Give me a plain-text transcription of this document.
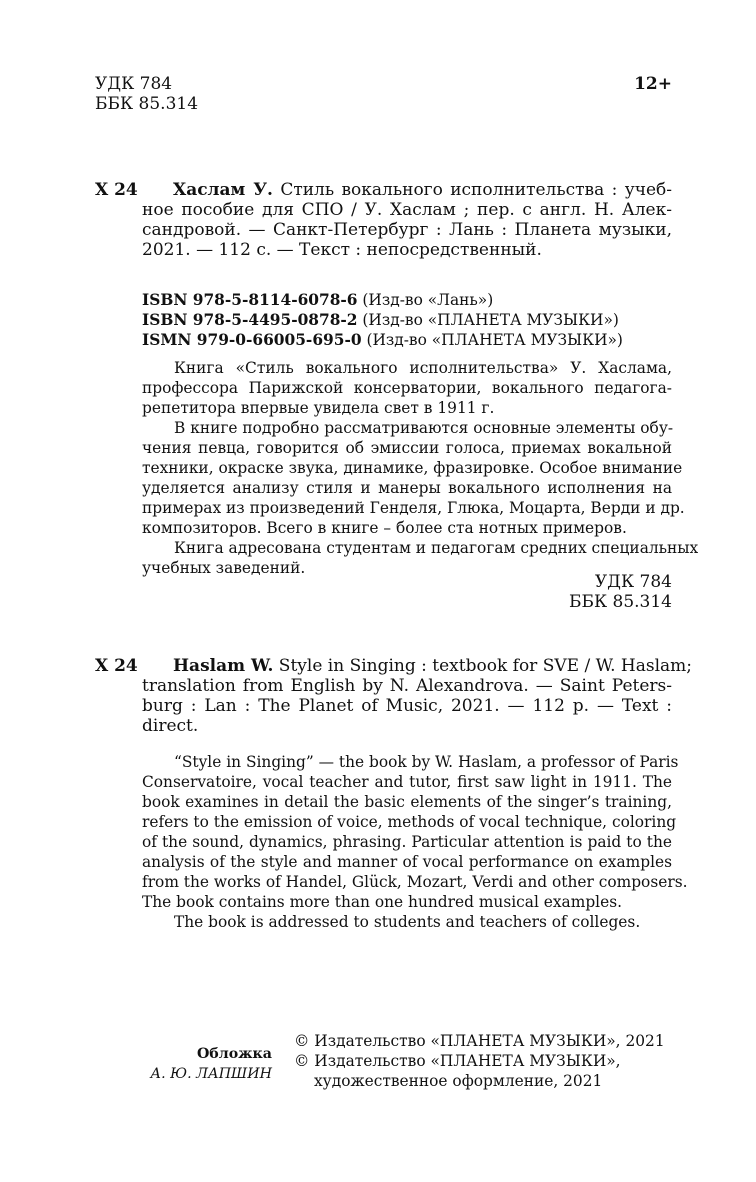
УДК 784
ББК 85.314
12+
Х 24 Хаслам У. Стиль вокального исполнительства : учеб-
ное пособие для СПО / У. Хаслам ; пер. с англ. Н. Алек-
сандровой. — Санкт-Петербург : Лань : Планета музыки,
2021. — 112 с. — Текст : непосредственный.
ISBN 978-5-8114-6078-6 (Изд-во «Лань»)
ISBN 978-5-4495-0878-2 (Изд-во «ПЛАНЕТА МУЗЫКИ»)
ISMN 979-0-66005-695-0 (Изд-во «ПЛАНЕТА МУЗЫКИ»)
Книга «Стиль вокального исполнительства» У. Хаслама,
профессора Парижской консерватории, вокального педагога-
репетитора впервые увидела свет в 1911 г.
В книге подробно рассматриваются основные элементы обу-
чения певца, говорится об эмиссии голоса, приемах вокальной
техники, окраске звука, динамике, фразировке. Особое внимание
уделяется анализу стиля и манеры вокального исполнения на
примерах из произведений Генделя, Глюка, Моцарта, Верди и др.
композиторов. Всего в книге – более ста нотных примеров.
Книга адресована студентам и педагогам средних специальных
учебных заведений.
УДК 784
ББК 85.314
Х 24 Haslam W. Style in Singing : textbook for SVE / W. Haslam;
translation from English by N. Alexandrova. — Saint Peters-
burg : Lan : The Planet of Music, 2021. — 112 p. — Text :
direct.
“Style in Singing” — the book by W. Haslam, a professor of Paris
Conservatoire, vocal teacher and tutor, first saw light in 1911. The
book examines in detail the basic elements of the singer’s training,
refers to the emission of voice, methods of vocal technique, coloring
of the sound, dynamics, phrasing. Particular attention is paid to the
analysis of the style and manner of vocal performance on examples
from the works of Handel, Glück, Mozart, Verdi and other composers.
The book contains more than one hundred musical examples.
The book is addressed to students and teachers of colleges.
Обложка
А. Ю. ЛАПШИН
© Издательство «ПЛАНЕТА МУЗЫКИ», 2021
© Издательство «ПЛАНЕТА МУЗЫКИ»,
художественное оформление, 2021
